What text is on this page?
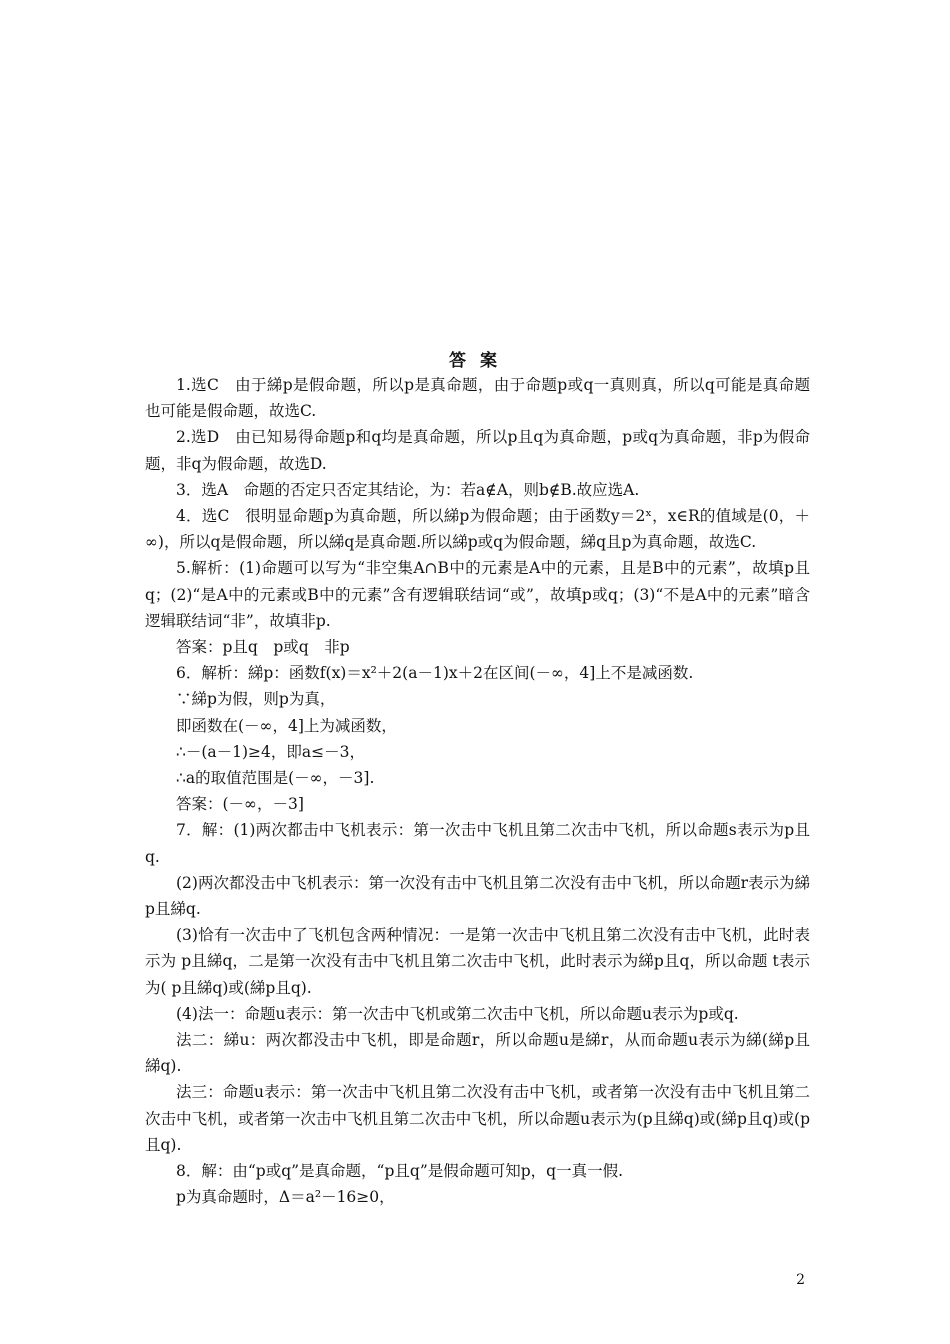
答 案

1.选C　由于綈p是假命题，所以p是真命题，由于命题p或q一真则真，所以q可能是真命题也可能是假命题，故选C.

2.选D　由已知易得命题p和q均是真命题，所以p且q为真命题，p或q为真命题，非p为假命题，非q为假命题，故选D.

3．选A　命题的否定只否定其结论，为：若a∉A，则b∉B.故应选A.

4．选C　很明显命题p为真命题，所以綈p为假命题；由于函数y＝2ˣ，x∈R的值域是(0，＋∞)，所以q是假命题，所以綈q是真命题.所以綈p或q为假命题，綈q且p为真命题，故选C.

5.解析：(1)命题可以写为“非空集A∩B中的元素是A中的元素，且是B中的元素”，故填p且q；(2)“是A中的元素或B中的元素”含有逻辑联结词“或”，故填p或q；(3)“不是A中的元素”暗含逻辑联结词“非”，故填非p.

答案：p且q　p或q　非p

6．解析：綈p：函数f(x)＝x²＋2(a－1)x＋2在区间(－∞，4]上不是减函数.

∵綈p为假，则p为真，

即函数在(－∞，4]上为减函数，

∴－(a－1)≥4，即a≤－3，

∴a的取值范围是(－∞，－3].

答案：(－∞，－3]

7．解：(1)两次都击中飞机表示：第一次击中飞机且第二次击中飞机，所以命题s表示为p且q.

(2)两次都没击中飞机表示：第一次没有击中飞机且第二次没有击中飞机，所以命题r表示为綈p且綈q.

(3)恰有一次击中了飞机包含两种情况：一是第一次击中飞机且第二次没有击中飞机，此时表示为 p且綈q，二是第一次没有击中飞机且第二次击中飞机，此时表示为綈p且q，所以命题 t表示为( p且綈q)或(綈p且q).

(4)法一：命题u表示：第一次击中飞机或第二次击中飞机，所以命题u表示为p或q.

法二：綈u：两次都没击中飞机，即是命题r，所以命题u是綈r，从而命题u表示为綈(綈p且綈q).

法三：命题u表示：第一次击中飞机且第二次没有击中飞机，或者第一次没有击中飞机且第二次击中飞机，或者第一次击中飞机且第二次击中飞机，所以命题u表示为(p且綈q)或(綈p且q)或(p且q).

8．解：由“p或q”是真命题，“p且q”是假命题可知p，q一真一假.

p为真命题时，Δ＝a²－16≥0，

2
